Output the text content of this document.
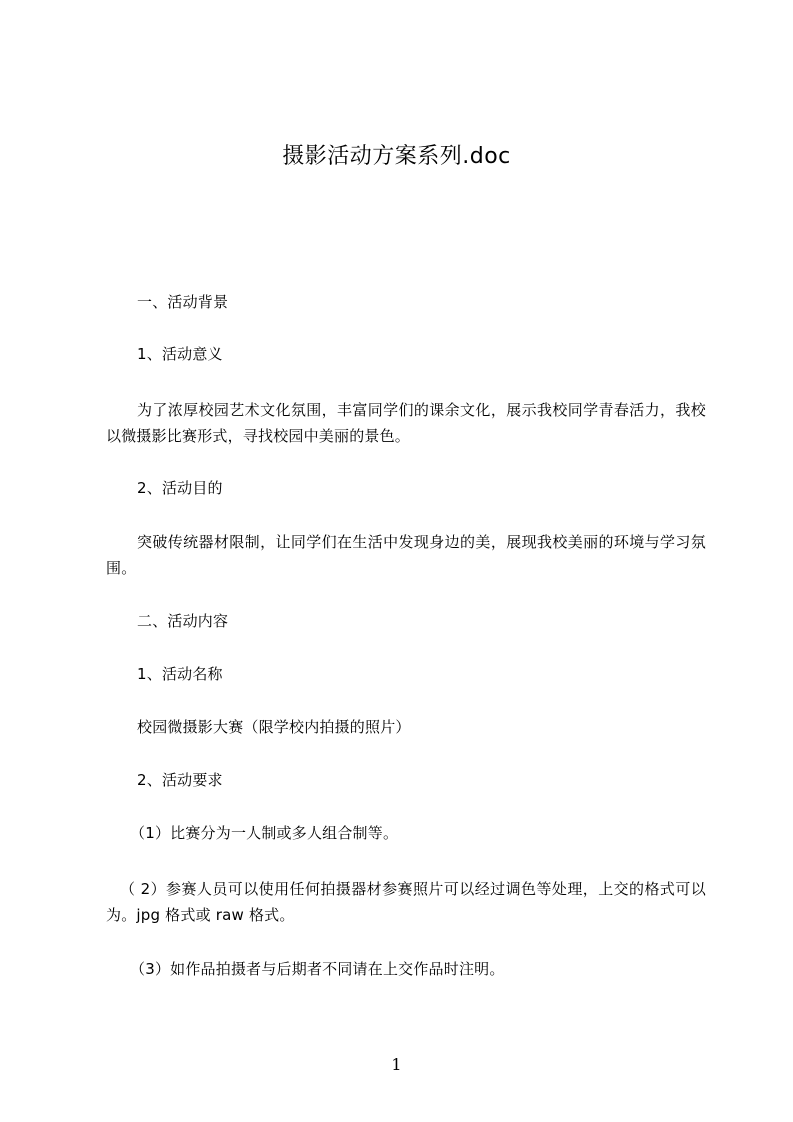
摄影活动方案系列.doc
一、活动背景
1、活动意义
为了浓厚校园艺术文化氛围，丰富同学们的课余文化，展示我校同学青春活力，我校以微摄影比赛形式，寻找校园中美丽的景色。
2、活动目的
突破传统器材限制，让同学们在生活中发现身边的美，展现我校美丽的环境与学习氛围。
二、活动内容
1、活动名称
校园微摄影大赛（限学校内拍摄的照片）
2、活动要求
（1）比赛分为一人制或多人组合制等。
（ 2）参赛人员可以使用任何拍摄器材参赛照片可以经过调色等处理，上交的格式可以为。jpg 格式或 raw 格式。
（3）如作品拍摄者与后期者不同请在上交作品时注明。
1
